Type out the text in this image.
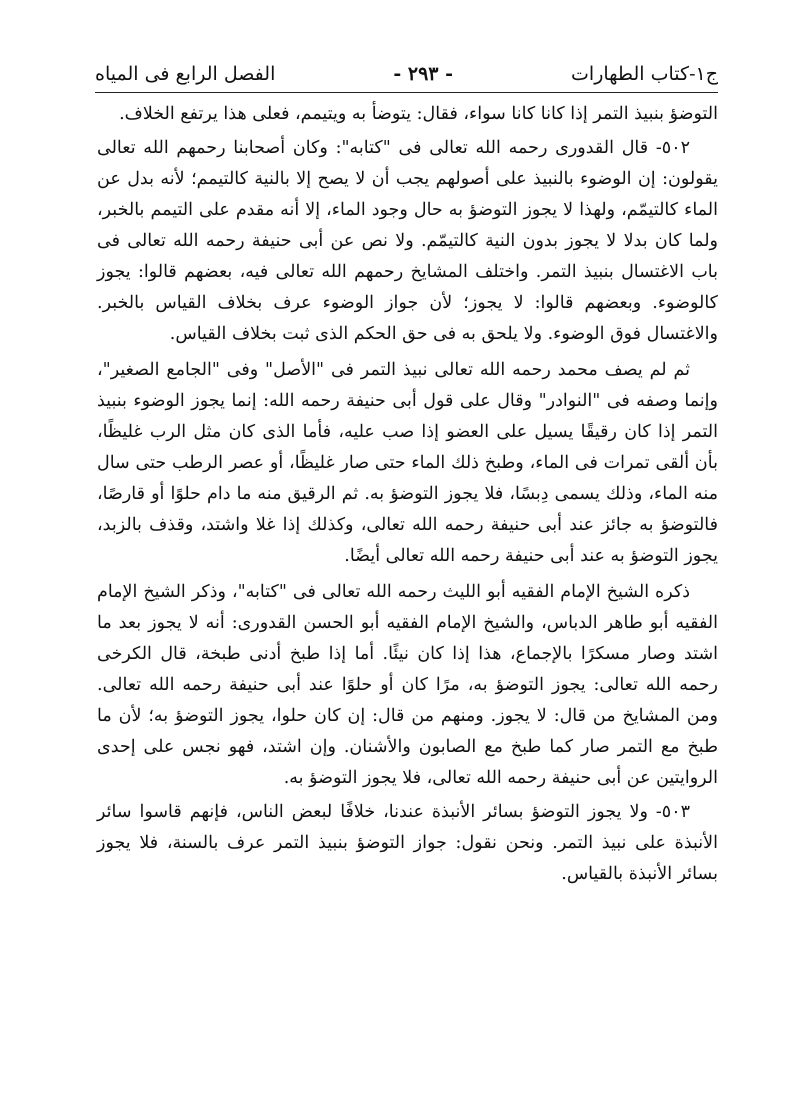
ج١-كتاب الطهارات
- ٢٩٣ -
الفصل الرابع فى المياه

التوضؤ بنبيذ التمر إذا كانا كانا سواء، فقال: يتوضأ به ويتيمم، فعلى هذا يرتفع الخلاف.

٥٠٢- قال القدورى رحمه الله تعالى فى "كتابه": وكان أصحابنا رحمهم الله تعالى يقولون: إن الوضوء بالنبيذ على أصولهم يجب أن لا يصح إلا بالنية كالتيمم؛ لأنه بدل عن الماء كالتيمّم، ولهذا لا يجوز التوضؤ به حال وجود الماء، إلا أنه مقدم على التيمم بالخبر، ولما كان بدلا لا يجوز بدون النية كالتيمّم. ولا نص عن أبى حنيفة رحمه الله تعالى فى باب الاغتسال بنبيذ التمر. واختلف المشايخ رحمهم الله تعالى فيه، بعضهم قالوا: يجوز كالوضوء. وبعضهم قالوا: لا يجوز؛ لأن جواز الوضوء عرف بخلاف القياس بالخبر. والاغتسال فوق الوضوء. ولا يلحق به فى حق الحكم الذى ثبت بخلاف القياس.

ثم لم يصف محمد رحمه الله تعالى نبيذ التمر فى "الأصل" وفى "الجامع الصغير"، وإنما وصفه فى "النوادر" وقال على قول أبى حنيفة رحمه الله: إنما يجوز الوضوء بنبيذ التمر إذا كان رقيقًا يسيل على العضو إذا صب عليه، فأما الذى كان مثل الرب غليظًا، بأن ألقى تمرات فى الماء، وطبخ ذلك الماء حتى صار غليظًا، أو عصر الرطب حتى سال منه الماء، وذلك يسمى دِبسًا، فلا يجوز التوضؤ به. ثم الرقيق منه ما دام حلوًا أو قارصًا، فالتوضؤ به جائز عند أبى حنيفة رحمه الله تعالى، وكذلك إذا غلا واشتد، وقذف بالزبد، يجوز التوضؤ به عند أبى حنيفة رحمه الله تعالى أيضًا.

ذكره الشيخ الإمام الفقيه أبو الليث رحمه الله تعالى فى "كتابه"، وذكر الشيخ الإمام الفقيه أبو طاهر الدباس، والشيخ الإمام الفقيه أبو الحسن القدورى: أنه لا يجوز بعد ما اشتد وصار مسكرًا بالإجماع، هذا إذا كان نيئًا. أما إذا طبخ أدنى طبخة، قال الكرخى رحمه الله تعالى: يجوز التوضؤ به، مرًا كان أو حلوًا عند أبى حنيفة رحمه الله تعالى. ومن المشايخ من قال: لا يجوز. ومنهم من قال: إن كان حلوا، يجوز التوضؤ به؛ لأن ما طبخ مع التمر صار كما طبخ مع الصابون والأشنان. وإن اشتد، فهو نجس على إحدى الروايتين عن أبى حنيفة رحمه الله تعالى، فلا يجوز التوضؤ به.

٥٠٣- ولا يجوز التوضؤ بسائر الأنبذة عندنا، خلافًا لبعض الناس، فإنهم قاسوا سائر الأنبذة على نبيذ التمر. ونحن نقول: جواز التوضؤ بنبيذ التمر عرف بالسنة، فلا يجوز بسائر الأنبذة بالقياس.
